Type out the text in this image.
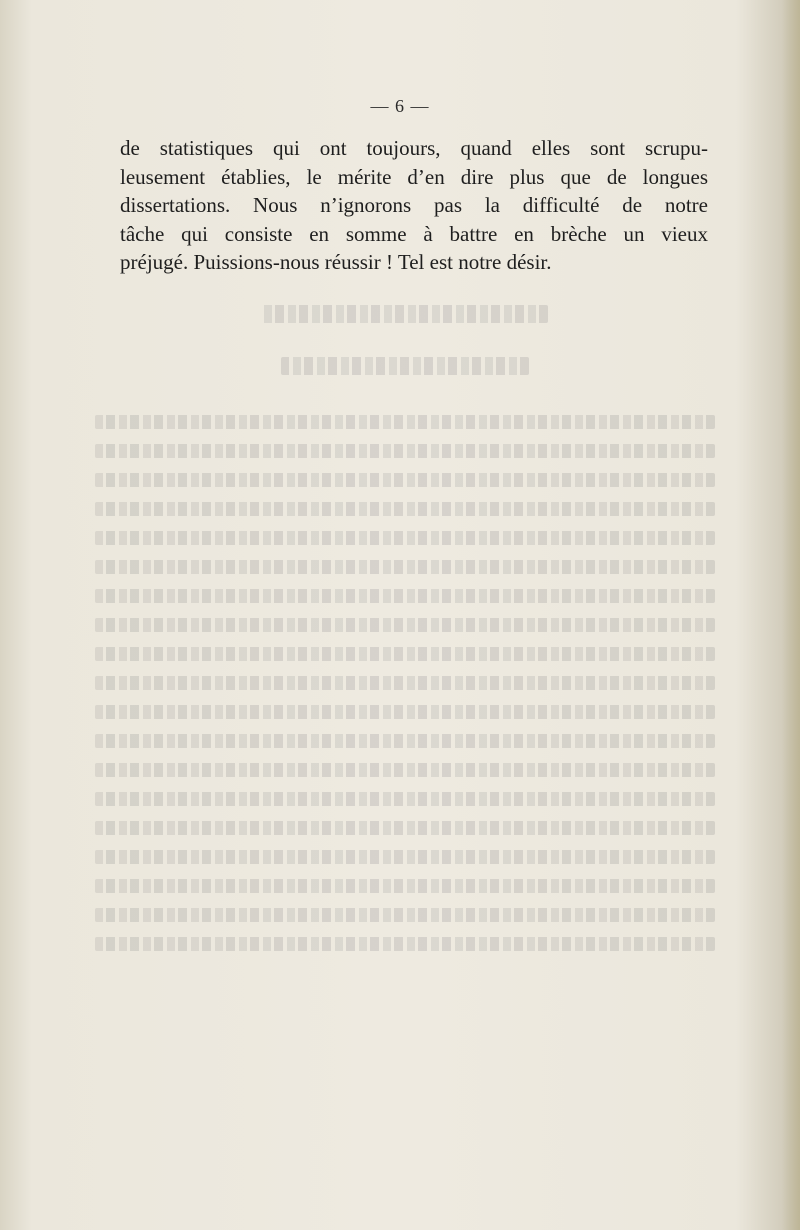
— 6 —
de statistiques qui ont toujours, quand elles sont scrupu-
leusement établies, le mérite d’en dire plus que de longues
dissertations. Nous n’ignorons pas la difficulté de notre
tâche qui consiste en somme à battre en brèche un vieux
préjugé. Puissions-nous réussir ! Tel est notre désir.
